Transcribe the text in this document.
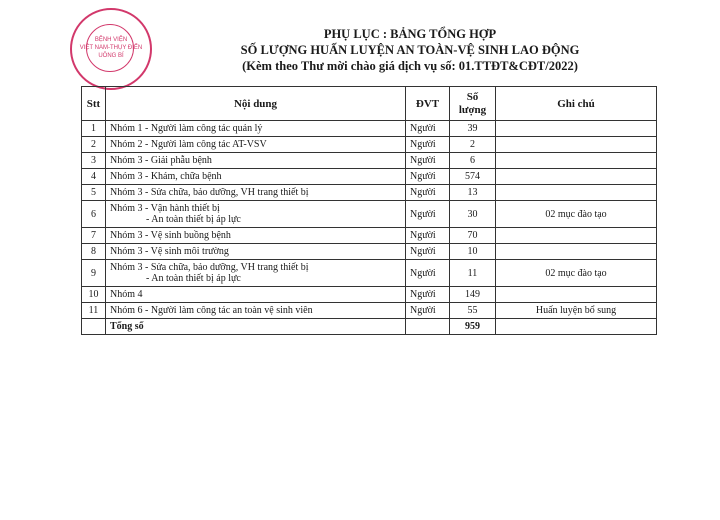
BỆNH VIỆN
VIỆT NAM-THỤY ĐIỂN
UÔNG BÍ
PHỤ LỤC : BẢNG TỔNG HỢP
SỐ LƯỢNG HUẤN LUYỆN AN TOÀN-VỆ SINH LAO ĐỘNG
(Kèm theo Thư mời chào giá dịch vụ số: 01.TTĐT&CĐT/2022)
Stt	Nội dung	ĐVT	Số lượng	Ghi chú
1	Nhóm 1 - Người làm công tác quản lý	Người	39	
2	Nhóm 2 - Người làm công tác AT-VSV	Người	2	
3	Nhóm 3 - Giải phẫu bệnh	Người	6	
4	Nhóm 3 - Khám, chữa bệnh	Người	574	
5	Nhóm 3 - Sửa chữa, bảo dưỡng, VH trang thiết bị	Người	13	
6	Nhóm 3 - Vận hành thiết bị
- An toàn thiết bị áp lực	Người	30	02 mục đào tạo
7	Nhóm 3 - Vệ sinh buồng bệnh	Người	70	
8	Nhóm 3 - Vệ sinh môi trường	Người	10	
9	Nhóm 3 - Sửa chữa, bảo dưỡng, VH trang thiết bị
- An toàn thiết bị áp lực	Người	11	02 mục đào tạo
10	Nhóm 4	Người	149	
11	Nhóm 6 - Người làm công tác an toàn vệ sinh viên	Người	55	Huấn luyện bổ sung
	Tổng số		959	
